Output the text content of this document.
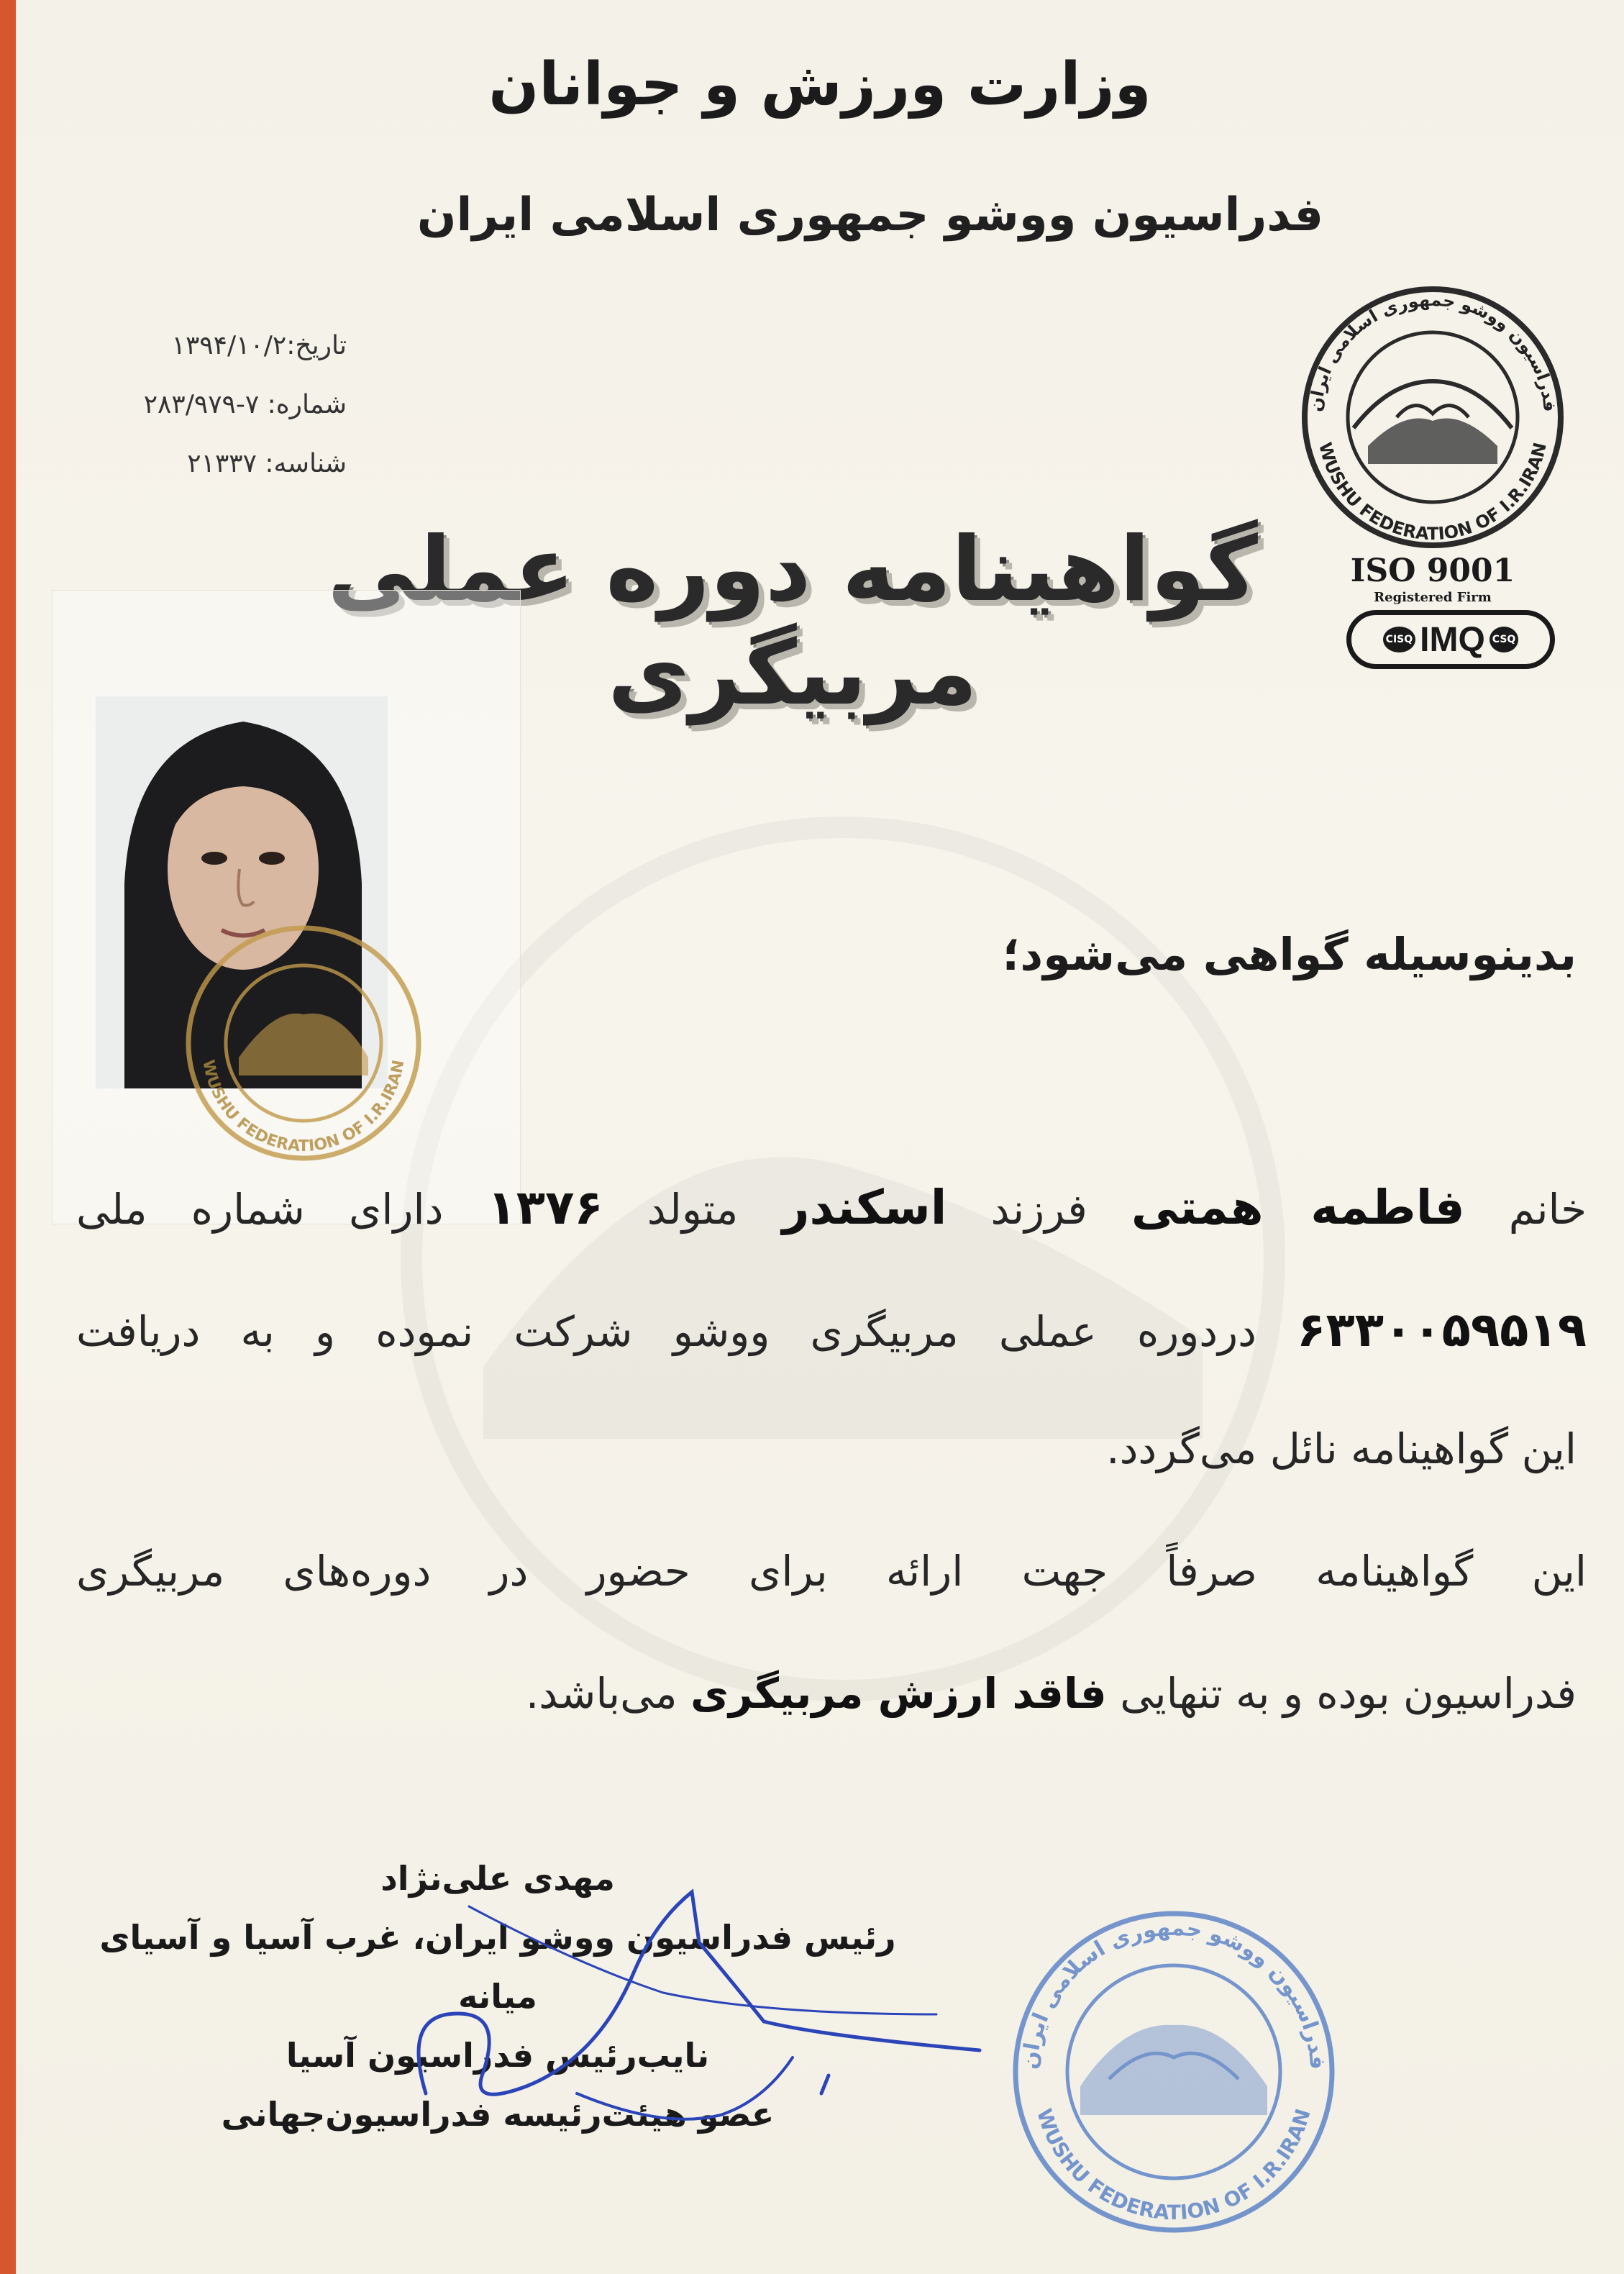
وزارت ورزش و جوانان
فدراسیون ووشو جمهوری اسلامی ایران
تاریخ:۱۳۹۴/۱۰/۲
شماره: ۷-۲۸۳/۹۷۹
شناسه: ۲۱۳۳۷
فدراسیون ووشو جمهوری اسلامی ایران
WUSHU FEDERATION OF I.R.IRAN
ISO 9001
Registered Firm
CISQ IMQ CSQ
گواهینامه دوره عملی مربیگری
WUSHU FEDERATION OF I.R.IRAN
بدینوسیله گواهی می‌شود؛
خانم فاطمه همتی فرزند اسکندر متولد ۱۳۷۶ دارای شماره ملی
۶۳۳۰۰۵۹۵۱۹ دردوره عملی مربیگری ووشو شرکت نموده و به دریافت
این گواهینامه نائل می‌گردد.
این گواهینامه صرفاً جهت ارائه برای حضور در دوره‌های مربیگری
فدراسیون بوده و به تنهایی فاقد ارزش مربیگری می‌باشد.
مهدی علی‌نژاد
رئیس فدراسیون ووشو ایران، غرب آسیا و آسیای میانه
نایب‌رئیس فدراسیون آسیا
عضو هیئت‌رئیسه فدراسیون‌جهانی
فدراسیون ووشو جمهوری اسلامی ایران
WUSHU FEDERATION OF I.R.IRAN
